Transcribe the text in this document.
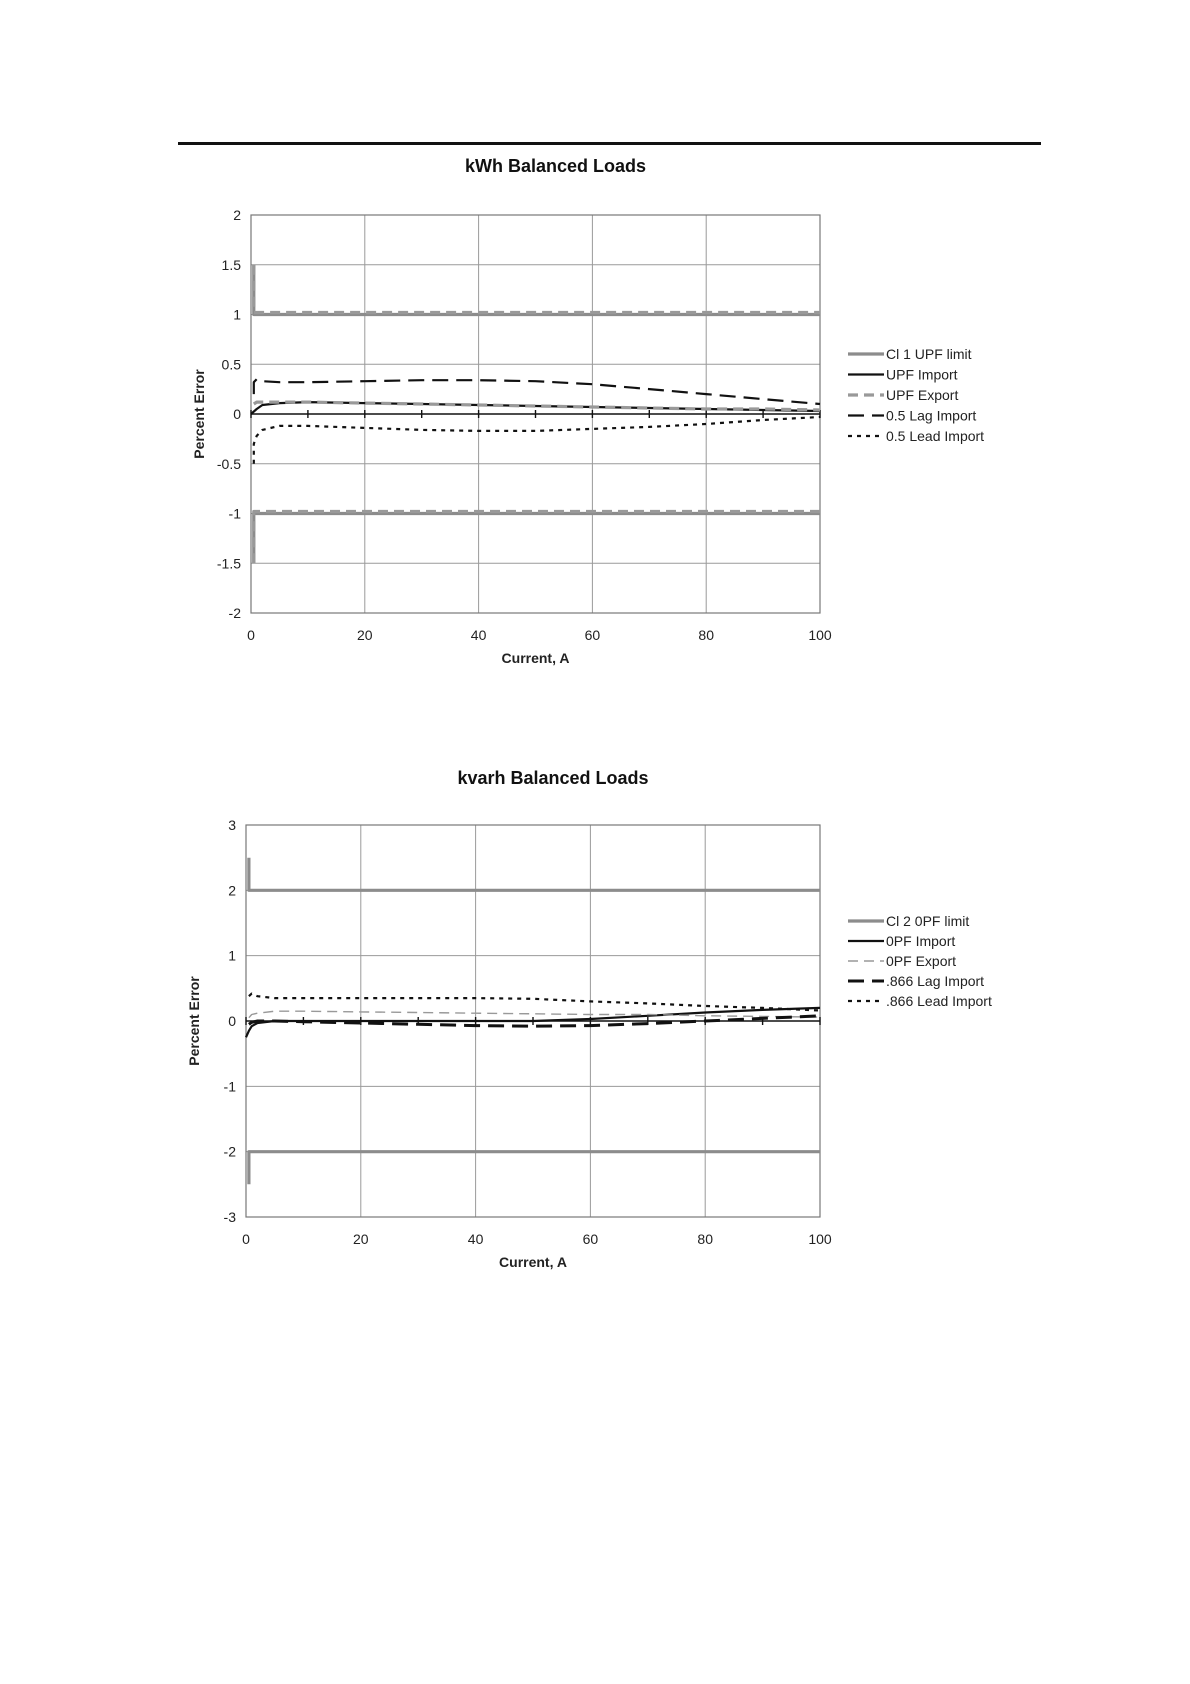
kWh Balanced Loads
2
1.5
1
0.5
0
-0.5
-1
-1.5
-2
0	20	40	60	80	100
Current, A
Percent Error
Cl 1 UPF limit
UPF Import
UPF Export
0.5 Lag Import
0.5 Lead Import
kvarh Balanced Loads
3
2
1
0
-1
-2
-3
0	20	40	60	80	100
Current, A
Percent Error
Cl 2 0PF limit
0PF Import
0PF Export
.866 Lag Import
.866 Lead Import
